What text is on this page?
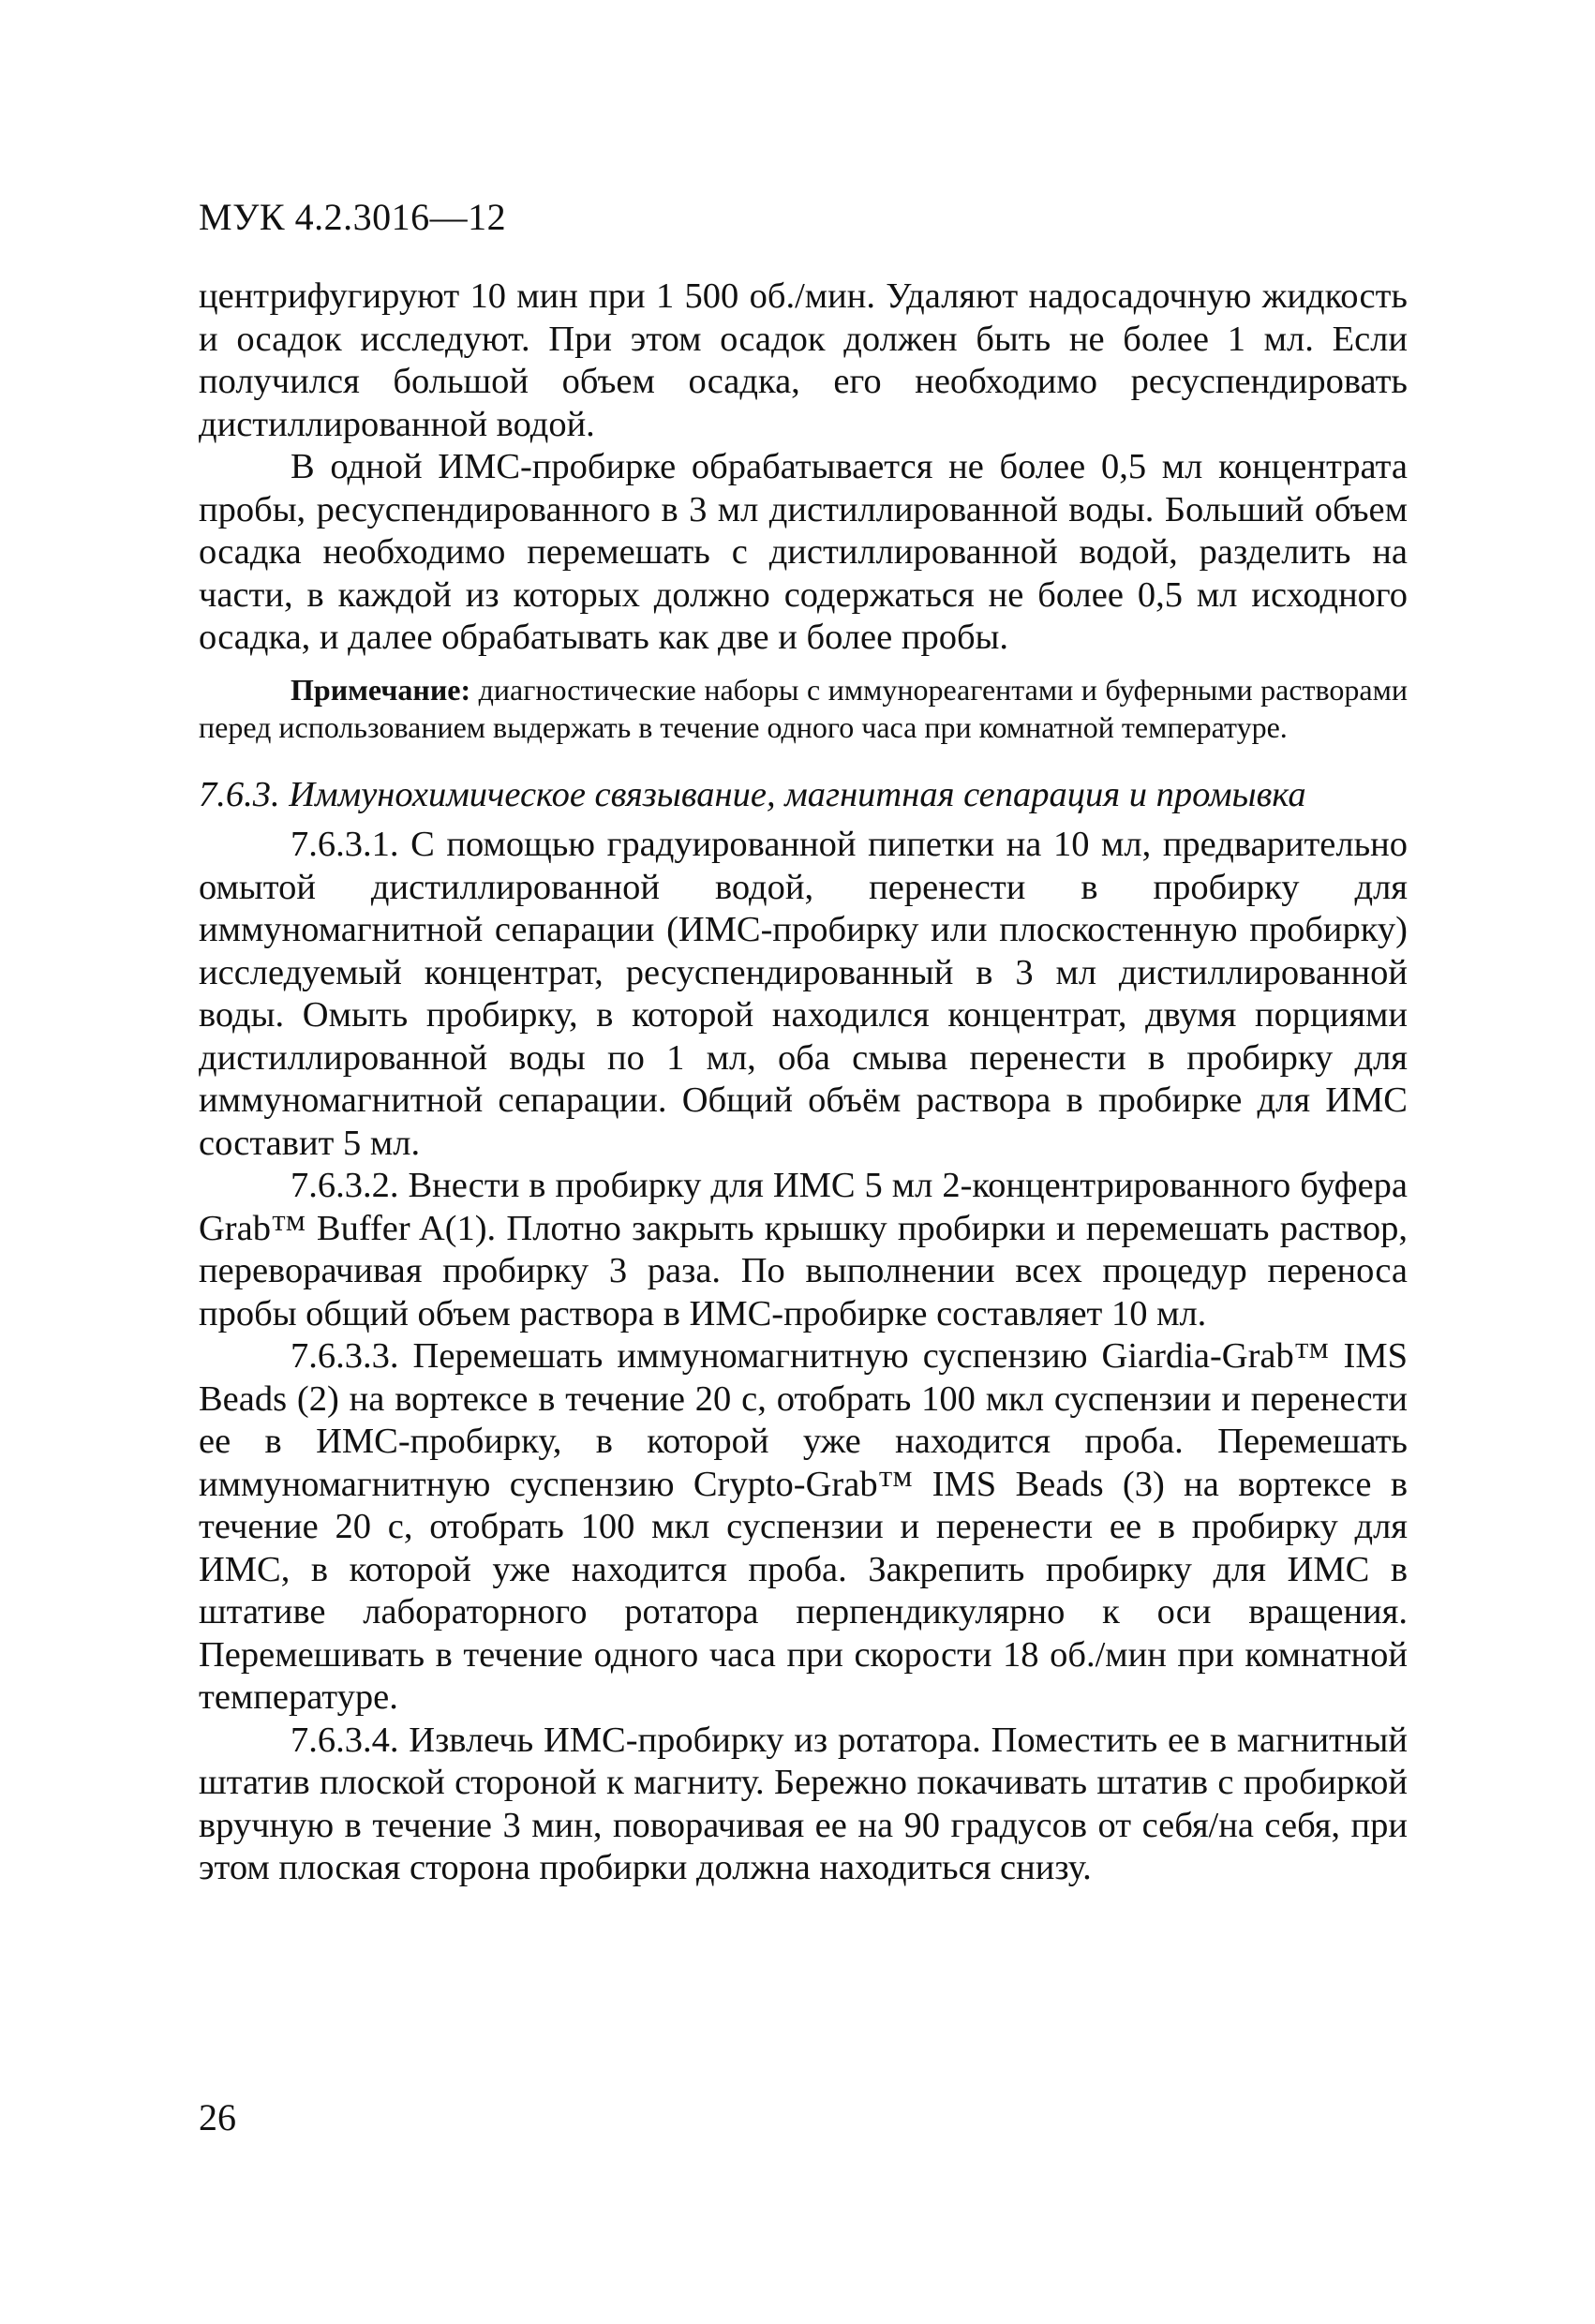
МУК 4.2.3016—12

центрифугируют 10 мин при 1 500 об./мин. Удаляют надосадочную жидкость и осадок исследуют. При этом осадок должен быть не более 1 мл. Если получился большой объем осадка, его необходимо ресуспендировать дистиллированной водой.

В одной ИМС-пробирке обрабатывается не более 0,5 мл концентрата пробы, ресуспендированного в 3 мл дистиллированной воды. Больший объем осадка необходимо перемешать с дистиллированной водой, разделить на части, в каждой из которых должно содержаться не более 0,5 мл исходного осадка, и далее обрабатывать как две и более пробы.

Примечание: диагностические наборы с иммунореагентами и буферными растворами перед использованием выдержать в течение одного часа при комнатной температуре.

7.6.3. Иммунохимическое связывание, магнитная сепарация и промывка

7.6.3.1. С помощью градуированной пипетки на 10 мл, предварительно омытой дистиллированной водой, перенести в пробирку для иммуномагнитной сепарации (ИМС-пробирку или плоскостенную пробирку) исследуемый концентрат, ресуспендированный в 3 мл дистиллированной воды. Омыть пробирку, в которой находился концентрат, двумя порциями дистиллированной воды по 1 мл, оба смыва перенести в пробирку для иммуномагнитной сепарации. Общий объём раствора в пробирке для ИМС составит 5 мл.

7.6.3.2. Внести в пробирку для ИМС 5 мл 2-концентрированного буфера Grab™ Buffer A(1). Плотно закрыть крышку пробирки и перемешать раствор, переворачивая пробирку 3 раза. По выполнении всех процедур переноса пробы общий объем раствора в ИМС-пробирке составляет 10 мл.

7.6.3.3. Перемешать иммуномагнитную суспензию Giardia-Grab™ IMS Beads (2) на вортексе в течение 20 с, отобрать 100 мкл суспензии и перенести ее в ИМС-пробирку, в которой уже находится проба. Перемешать иммуномагнитную суспензию Crypto-Grab™ IMS Beads (3) на вортексе в течение 20 с, отобрать 100 мкл суспензии и перенести ее в пробирку для ИМС, в которой уже находится проба. Закрепить пробирку для ИМС в штативе лабораторного ротатора перпендикулярно к оси вращения. Перемешивать в течение одного часа при скорости 18 об./мин при комнатной температуре.

7.6.3.4. Извлечь ИМС-пробирку из ротатора. Поместить ее в магнитный штатив плоской стороной к магниту. Бережно покачивать штатив с пробиркой вручную в течение 3 мин, поворачивая ее на 90 градусов от себя/на себя, при этом плоская сторона пробирки должна находиться снизу.

26
